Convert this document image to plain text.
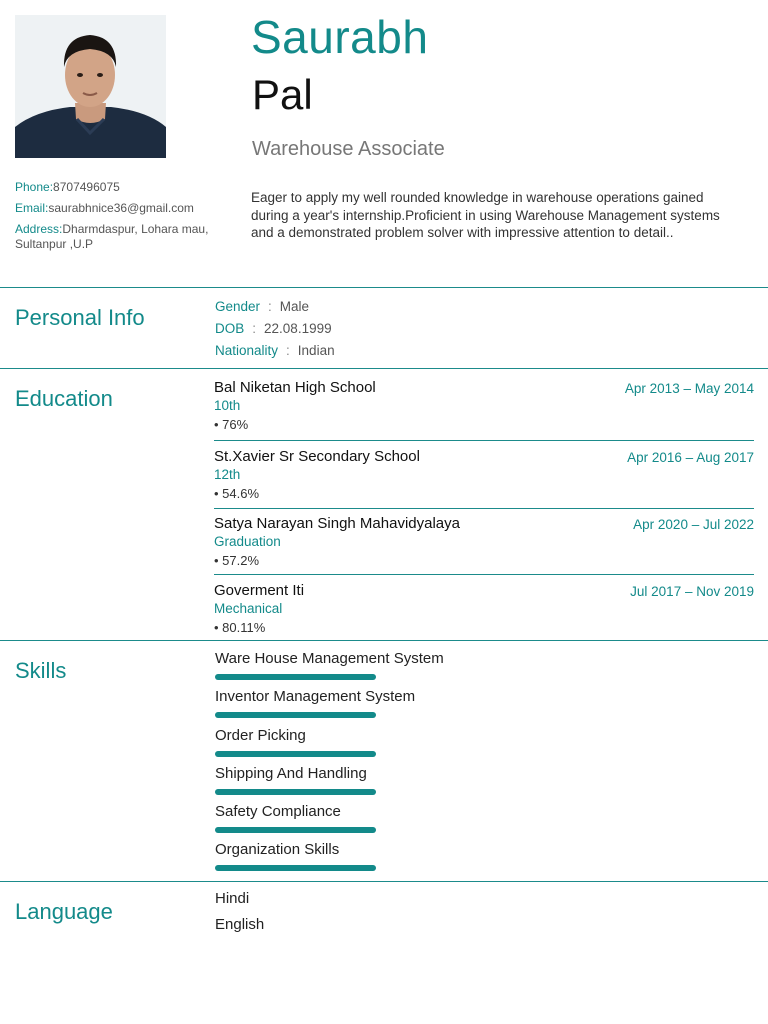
Saurabh
Pal
Warehouse Associate
Phone:8707496075
Email:saurabhnice36@gmail.com
Address:Dharmdaspur, Lohara mau, Sultanpur ,U.P
Eager to apply my well rounded knowledge in warehouse operations gained during a year's internship.Proficient in using Warehouse Management systems and a demonstrated problem solver with impressive attention to detail..
Personal Info	Gender : Male
DOB : 22.08.1999
Nationality : Indian
Education	Bal Niketan High School	Apr 2013 – May 2014
10th
• 76%
St.Xavier Sr Secondary School	Apr 2016 – Aug 2017
12th
• 54.6%
Satya Narayan Singh Mahavidyalaya	Apr 2020 – Jul 2022
Graduation
• 57.2%
Goverment Iti	Jul 2017 – Nov 2019
Mechanical
• 80.11%
Skills	Ware House Management System
Inventor Management System
Order Picking
Shipping And Handling
Safety Compliance
Organization Skills
Language
Hindi
English
